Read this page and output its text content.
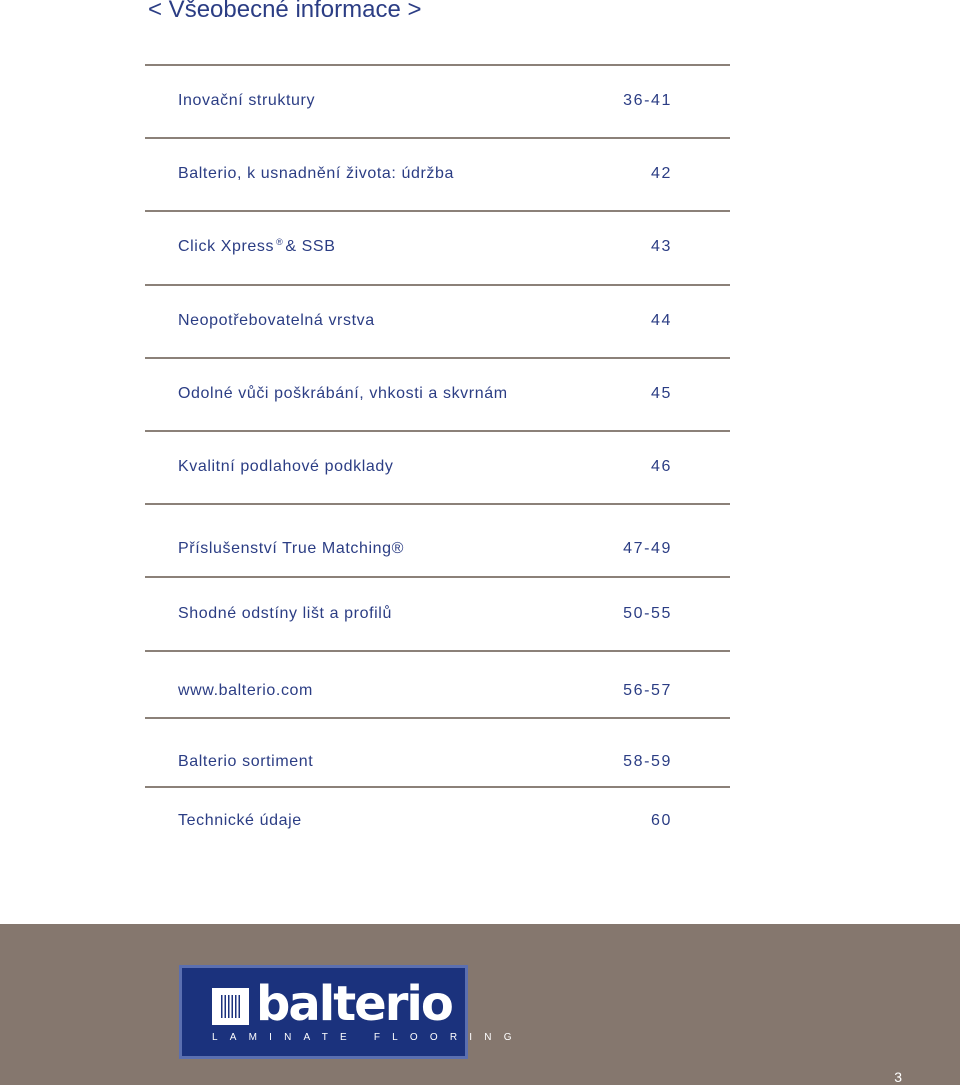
< Všeobecné informace >
Inovační struktury	36-41
Balterio, k usnadnění života: údržba	42
Click Xpress ® & SSB	43
Neopotřebovatelná vrstva	44
Odolné vůči poškrábání, vhkosti a skvrnám	45
Kvalitní podlahové podklady	46
Příslušenství True Matching®	47-49
Shodné odstíny lišt a profilů	50-55
www.balterio.com	56-57
Balterio sortiment	58-59
Technické údaje	60
balterio
LAMINATE FLOORING
3
